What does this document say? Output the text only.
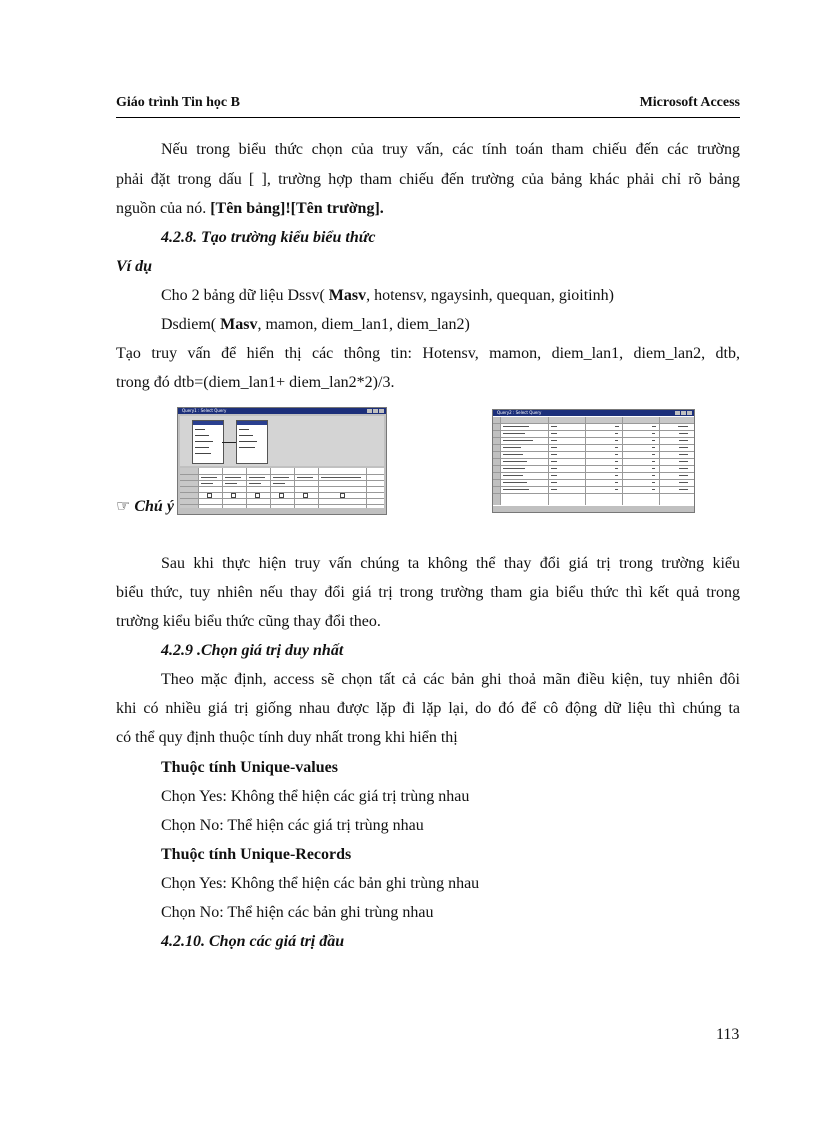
Giáo trình Tin học B	Microsoft Access
Nếu trong biểu thức chọn của truy vấn, các tính toán tham chiếu đến các trường
phải đặt trong dấu [ ], trường hợp tham chiếu đến trường của bảng khác phải chỉ rõ bảng
nguồn của nó. [Tên bảng]![Tên trường].
4.2.8. Tạo trường kiểu biểu thức
Ví dụ
Cho 2 bảng dữ liệu Dssv( Masv, hotensv, ngaysinh, quequan, gioitinh)
Dsdiem( Masv, mamon, diem_lan1, diem_lan2)
Tạo truy vấn để hiển thị các thông tin: Hotensv, mamon, diem_lan1, diem_lan2, dtb,
trong đó dtb=(diem_lan1+ diem_lan2*2)/3.
Query1 : Select Query	Query2 : Select Query
☞ Chú ý
Sau khi thực hiện truy vấn chúng ta không thể thay đổi giá trị trong trường kiểu
biểu thức, tuy nhiên nếu thay đổi giá trị trong trường tham gia biểu thức thì kết quả trong
trường kiểu biểu thức cũng thay đổi theo.
4.2.9 .Chọn giá trị duy nhất
Theo mặc định, access sẽ chọn tất cả các bản ghi thoả mãn điều kiện, tuy nhiên đôi
khi có nhiều giá trị giống nhau được lặp đi lặp lại, do đó để cô động dữ liệu thì chúng ta
có thể quy định thuộc tính duy nhất trong khi hiển thị
Thuộc tính Unique-values
Chọn Yes: Không thể hiện các giá trị trùng nhau
Chọn No: Thể hiện các giá trị trùng nhau
Thuộc tính Unique-Records
Chọn Yes: Không thể hiện các bản ghi trùng nhau
Chọn No: Thể hiện các bản ghi trùng nhau
4.2.10. Chọn các giá trị đầu
113
